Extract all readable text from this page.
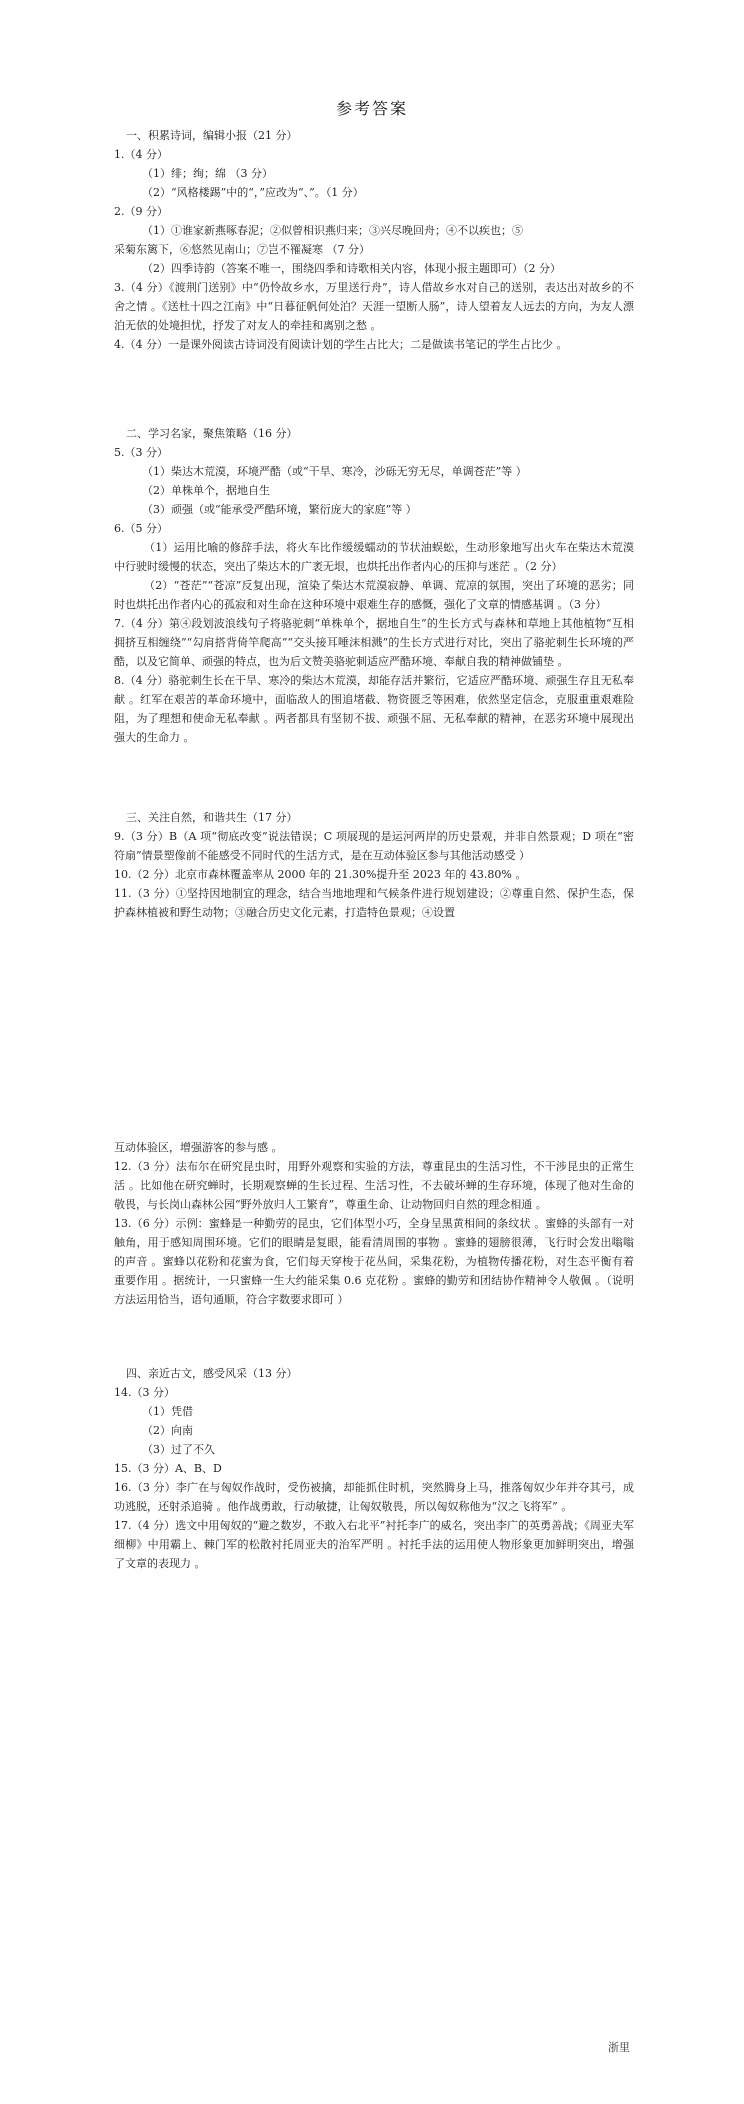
参考答案
一、积累诗词，编辑小报（21 分）
1.（4 分）
（1）绯；绚；绵 （3 分）
（2）“风格楼踢”中的“，”应改为“、”。（1 分）
2.（9 分）
（1）①谁家新燕啄春泥；②似曾相识燕归来；③兴尽晚回舟；④不以疾也；⑤
采菊东篱下，⑥悠然见南山；⑦岂不罹凝寒 （7 分）
（2）四季诗韵（答案不唯一，围绕四季和诗歌相关内容，体现小报主题即可）（2 分）
3.（4 分）《渡荆门送别》中“仍怜故乡水，万里送行舟”，诗人借故乡水对自己的送别，表达出对故乡的不舍之情 。《送杜十四之江南》中“日暮征帆何处泊？天涯一望断人肠”，诗人望着友人远去的方向，为友人漂泊无依的处境担忧，抒发了对友人的牵挂和离别之愁 。
4.（4 分）一是课外阅读古诗词没有阅读计划的学生占比大；二是做读书笔记的学生占比少 。
二、学习名家，聚焦策略（16 分）
5.（3 分）
（1）柴达木荒漠，环境严酷（或“干旱、寒冷，沙砾无穷无尽，单调苍茫”等 ）
（2）单株单个，据地自生
（3）顽强（或“能承受严酷环境，繁衍庞大的家庭”等 ）
6.（5 分）
（1）运用比喻的修辞手法，将火车比作缓缓蠕动的节状油蜈蚣，生动形象地写出火车在柴达木荒漠中行驶时缓慢的状态，突出了柴达木的广袤无垠，也烘托出作者内心的压抑与迷茫 。（2 分）
（2）“苍茫”“苍凉”反复出现，渲染了柴达木荒漠寂静、单调、荒凉的氛围，突出了环境的恶劣；同时也烘托出作者内心的孤寂和对生命在这种环境中艰难生存的感慨，强化了文章的情感基调 。（3 分）
7.（4 分）第④段划波浪线句子将骆驼刺“单株单个，据地自生”的生长方式与森林和草地上其他植物“互相拥挤互相缠绕”“勾肩搭背倚竿爬高”“交头接耳唾沫相溅”的生长方式进行对比，突出了骆驼刺生长环境的严酷，以及它简单、顽强的特点，也为后文赞美骆驼刺适应严酷环境、奉献自我的精神做铺垫 。
8.（4 分）骆驼刺生长在干旱、寒冷的柴达木荒漠，却能存活并繁衍，它适应严酷环境、顽强生存且无私奉献 。红军在艰苦的革命环境中，面临敌人的围追堵截、物资匮乏等困难，依然坚定信念，克服重重艰难险阻，为了理想和使命无私奉献 。两者都具有坚韧不拔、顽强不屈、无私奉献的精神，在恶劣环境中展现出强大的生命力 。
三、关注自然，和谐共生（17 分）
9.（3 分）B（A 项“彻底改变”说法错误；C 项展现的是运河两岸的历史景观，并非自然景观；D 项在“密符扇”情景塑像前不能感受不同时代的生活方式，是在互动体验区参与其他活动感受 ）
10.（2 分）北京市森林覆盖率从 2000 年的 21.30%提升至 2023 年的 43.80% 。
11.（3 分）①坚持因地制宜的理念，结合当地地理和气候条件进行规划建设；②尊重自然、保护生态，保护森林植被和野生动物；③融合历史文化元素，打造特色景观；④设置
互动体验区，增强游客的参与感 。
12.（3 分）法布尔在研究昆虫时，用野外观察和实验的方法，尊重昆虫的生活习性，不干涉昆虫的正常生活 。比如他在研究蝉时，长期观察蝉的生长过程、生活习性，不去破坏蝉的生存环境，体现了他对生命的敬畏，与长岗山森林公园“野外放归人工繁育”，尊重生命、让动物回归自然的理念相通 。
13.（6 分）示例：蜜蜂是一种勤劳的昆虫，它们体型小巧，全身呈黑黄相间的条纹状 。蜜蜂的头部有一对触角，用于感知周围环境。它们的眼睛是复眼，能看清周围的事物 。蜜蜂的翅膀很薄，飞行时会发出嗡嗡的声音 。蜜蜂以花粉和花蜜为食，它们每天穿梭于花丛间，采集花粉，为植物传播花粉，对生态平衡有着重要作用 。据统计，一只蜜蜂一生大约能采集 0.6 克花粉 。蜜蜂的勤劳和团结协作精神令人敬佩 。（说明方法运用恰当，语句通顺，符合字数要求即可 ）
四、亲近古文，感受风采（13 分）
14.（3 分）
（1）凭借
（2）向南
（3）过了不久
15.（3 分）A、B、D
16.（3 分）李广在与匈奴作战时，受伤被擒，却能抓住时机，突然腾身上马，推落匈奴少年并夺其弓，成功逃脱，还射杀追骑 。他作战勇敢，行动敏捷，让匈奴敬畏，所以匈奴称他为“汉之飞将军” 。
17.（4 分）选文中用匈奴的“避之数岁，不敢入右北平”衬托李广的威名，突出李广的英勇善战；《周亚夫军细柳》中用霸上、棘门军的松散衬托周亚夫的治军严明 。衬托手法的运用使人物形象更加鲜明突出，增强了文章的表现力 。
浙里
